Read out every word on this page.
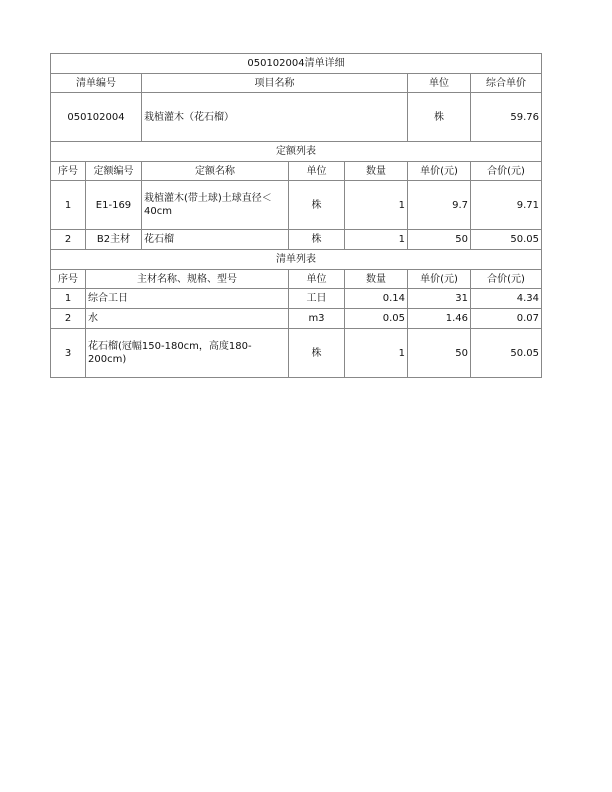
050102004清单详细						
清单编号		项目名称			单位	综合单价
050102004		栽植灌木（花石榴）			株	59.76
定额列表						
序号	定额编号	定额名称	单位	数量	单价(元)	合价(元)
1	E1-169	栽植灌木(带土球)土球直径＜40cm	株	1	9.7	9.71
2	B2主材	花石榴	株	1	50	50.05
清单列表						
序号	主材名称、规格、型号		单位	数量	单价(元)	合价(元)
1	综合工日		工日	0.14	31	4.34
2	水		m3	0.05	1.46	0.07
3	花石榴(冠幅150-180cm，高度180-200cm)		株	1	50	50.05
